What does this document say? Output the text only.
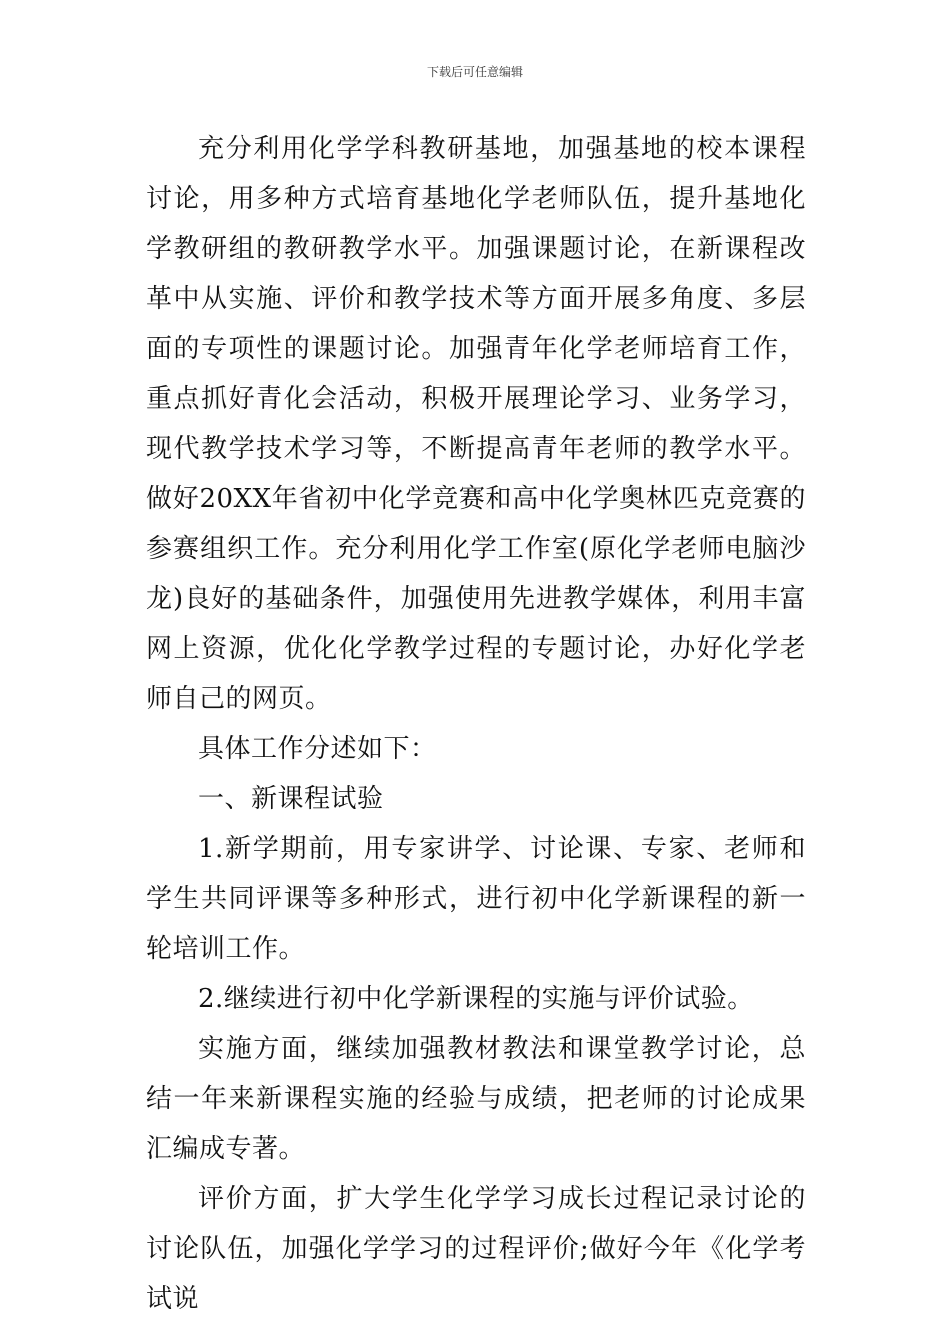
下载后可任意编辑

充分利用化学学科教研基地，加强基地的校本课程讨论，用多种方式培育基地化学老师队伍，提升基地化学教研组的教研教学水平。加强课题讨论，在新课程改革中从实施、评价和教学技术等方面开展多角度、多层面的专项性的课题讨论。加强青年化学老师培育工作，重点抓好青化会活动，积极开展理论学习、业务学习，现代教学技术学习等，不断提高青年老师的教学水平。做好20XX年省初中化学竞赛和高中化学奥林匹克竞赛的参赛组织工作。充分利用化学工作室(原化学老师电脑沙龙)良好的基础条件，加强使用先进教学媒体，利用丰富网上资源，优化化学教学过程的专题讨论，办好化学老师自己的网页。

具体工作分述如下：

一、新课程试验

1.新学期前，用专家讲学、讨论课、专家、老师和学生共同评课等多种形式，进行初中化学新课程的新一轮培训工作。

2.继续进行初中化学新课程的实施与评价试验。

实施方面，继续加强教材教法和课堂教学讨论，总结一年来新课程实施的经验与成绩，把老师的讨论成果汇编成专著。

评价方面，扩大学生化学学习成长过程记录讨论的讨论队伍，加强化学学习的过程评价;做好今年《化学考试说
